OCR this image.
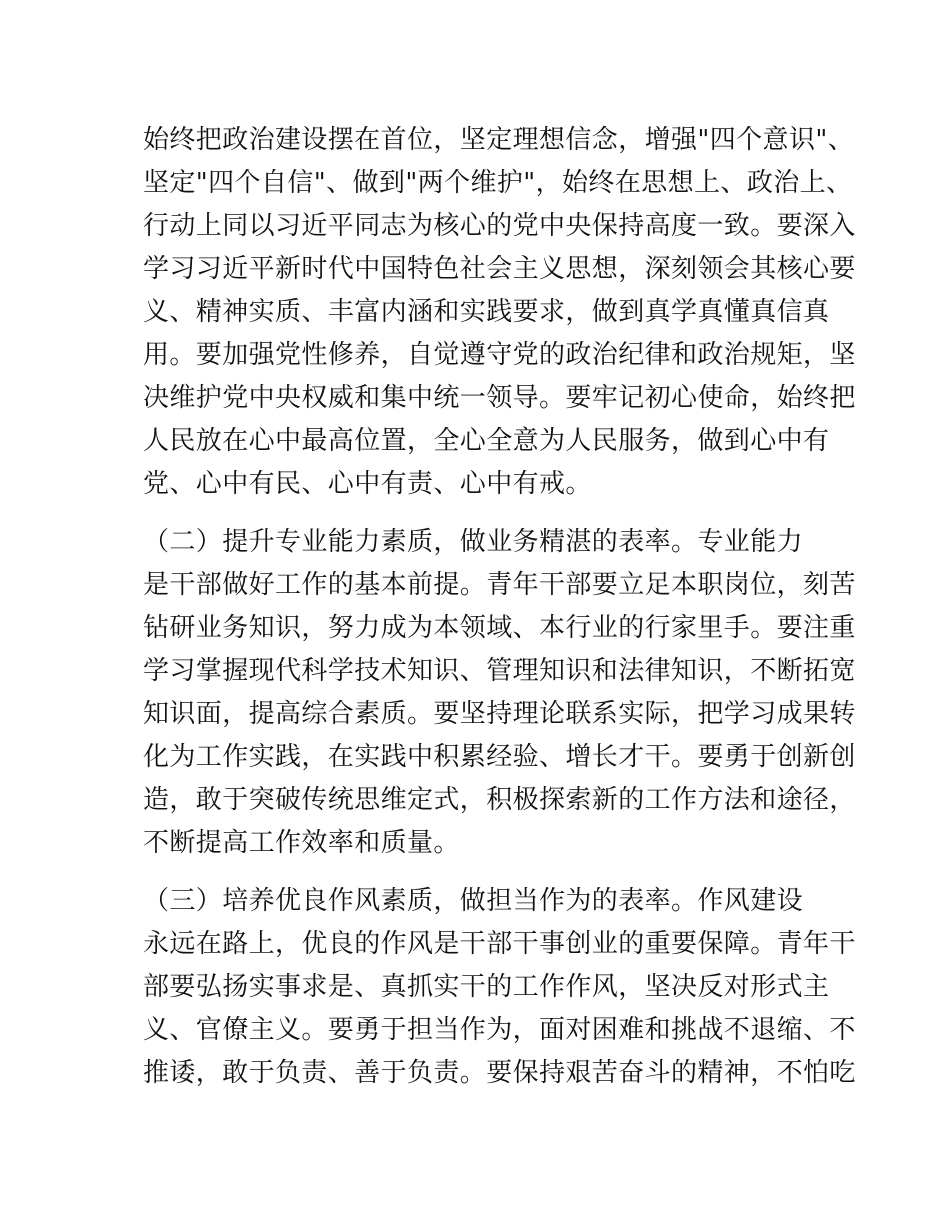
始终把政治建设摆在首位，坚定理想信念，增强"四个意识"、
坚定"四个自信"、做到"两个维护"，始终在思想上、政治上、
行动上同以习近平同志为核心的党中央保持高度一致。要深入
学习习近平新时代中国特色社会主义思想，深刻领会其核心要
义、精神实质、丰富内涵和实践要求，做到真学真懂真信真
用。要加强党性修养，自觉遵守党的政治纪律和政治规矩，坚
决维护党中央权威和集中统一领导。要牢记初心使命，始终把
人民放在心中最高位置，全心全意为人民服务，做到心中有
党、心中有民、心中有责、心中有戒。
（二）提升专业能力素质，做业务精湛的表率。专业能力
是干部做好工作的基本前提。青年干部要立足本职岗位，刻苦
钻研业务知识，努力成为本领域、本行业的行家里手。要注重
学习掌握现代科学技术知识、管理知识和法律知识，不断拓宽
知识面，提高综合素质。要坚持理论联系实际，把学习成果转
化为工作实践，在实践中积累经验、增长才干。要勇于创新创
造，敢于突破传统思维定式，积极探索新的工作方法和途径，
不断提高工作效率和质量。
（三）培养优良作风素质，做担当作为的表率。作风建设
永远在路上，优良的作风是干部干事创业的重要保障。青年干
部要弘扬实事求是、真抓实干的工作作风，坚决反对形式主
义、官僚主义。要勇于担当作为，面对困难和挑战不退缩、不
推诿，敢于负责、善于负责。要保持艰苦奋斗的精神，不怕吃
